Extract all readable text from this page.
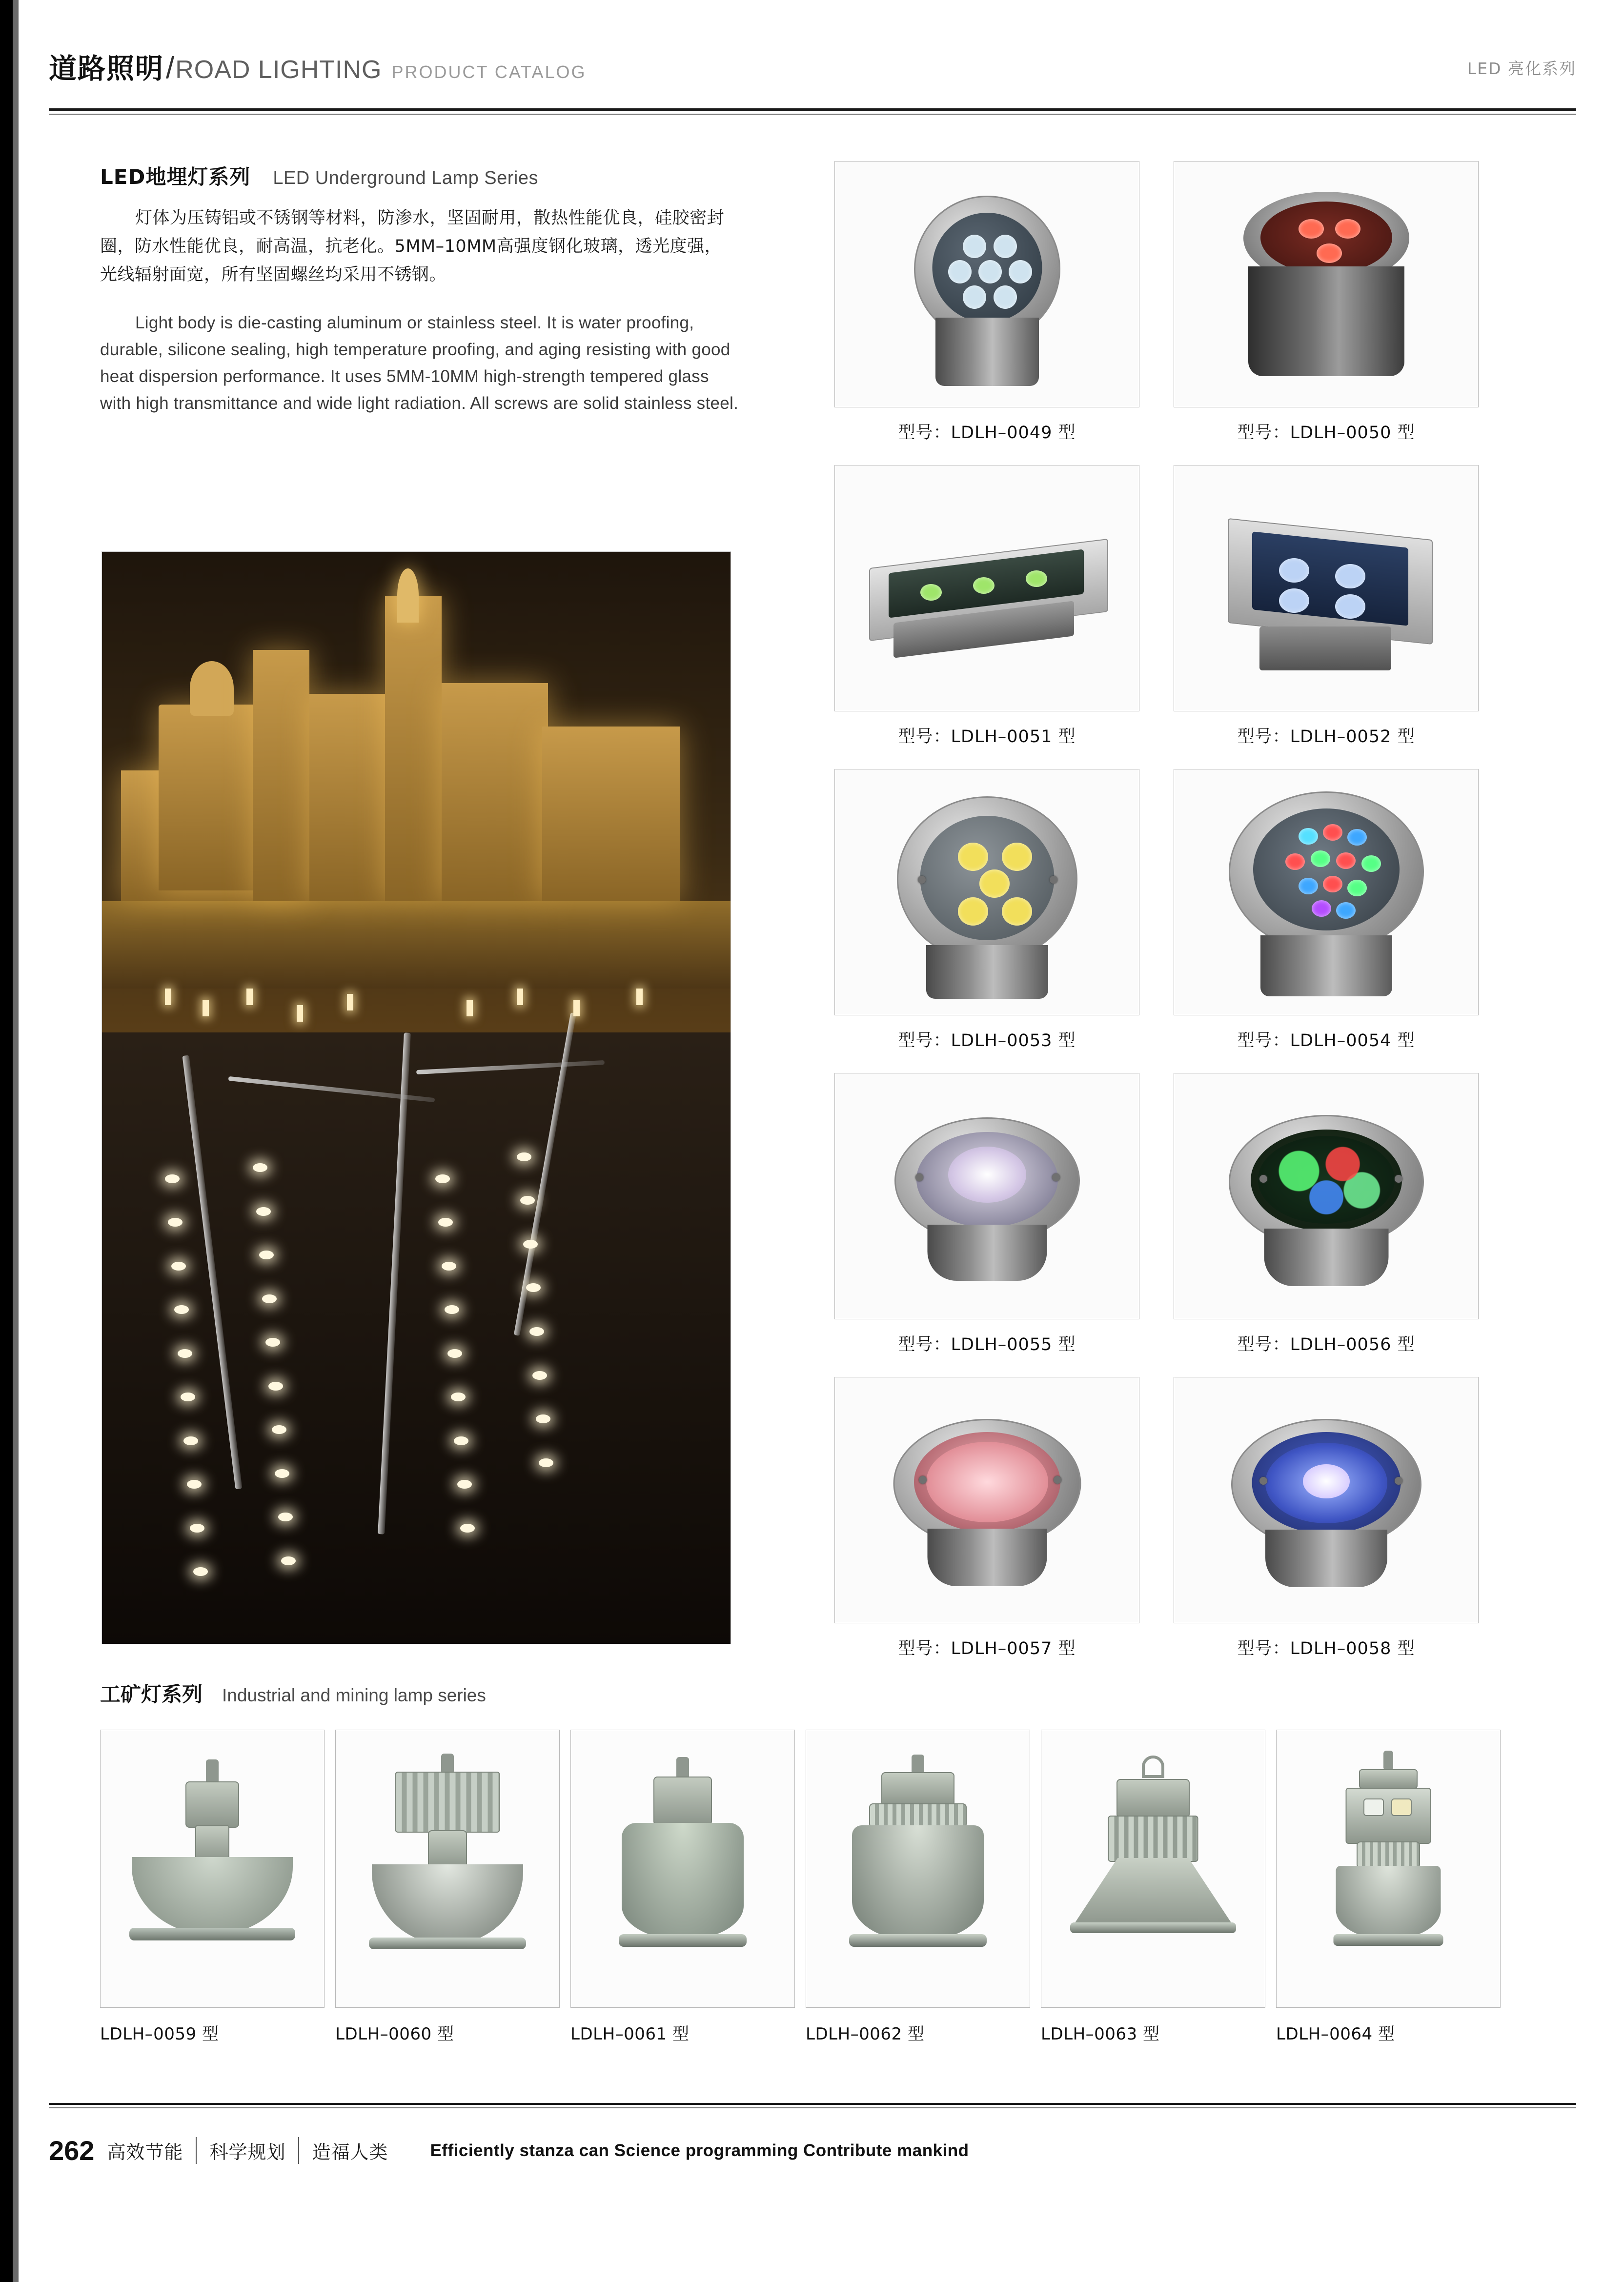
道路照明 / ROAD LIGHTING PRODUCT CATALOG	LED 亮化系列
LED地埋灯系列 LED Underground Lamp Series

灯体为压铸铝或不锈钢等材料，防渗水，坚固耐用，散热性能优良，硅胶密封圈，防水性能优良，耐高温，抗老化。5MM–10MM高强度钢化玻璃，透光度强，光线辐射面宽，所有坚固螺丝均采用不锈钢。

Light body is die-casting aluminum or stainless steel. It is water proofing, durable, silicone sealing, high temperature proofing, and aging resisting with good heat dispersion performance. It uses 5MM-10MM high-strength tempered glass with high transmittance and wide light radiation. All screws are solid stainless steel.

型号：LDLH–0049 型	型号：LDLH–0050 型
型号：LDLH–0051 型	型号：LDLH–0052 型
型号：LDLH–0053 型	型号：LDLH–0054 型
型号：LDLH–0055 型	型号：LDLH–0056 型
型号：LDLH–0057 型	型号：LDLH–0058 型
工矿灯系列 Industrial and mining lamp series
LDLH–0059 型	LDLH–0060 型	LDLH–0061 型	LDLH–0062 型	LDLH–0063 型	LDLH–0064 型
262 高效节能	科学规划	造福人类	Efficiently stanza can Science programming Contribute mankind
